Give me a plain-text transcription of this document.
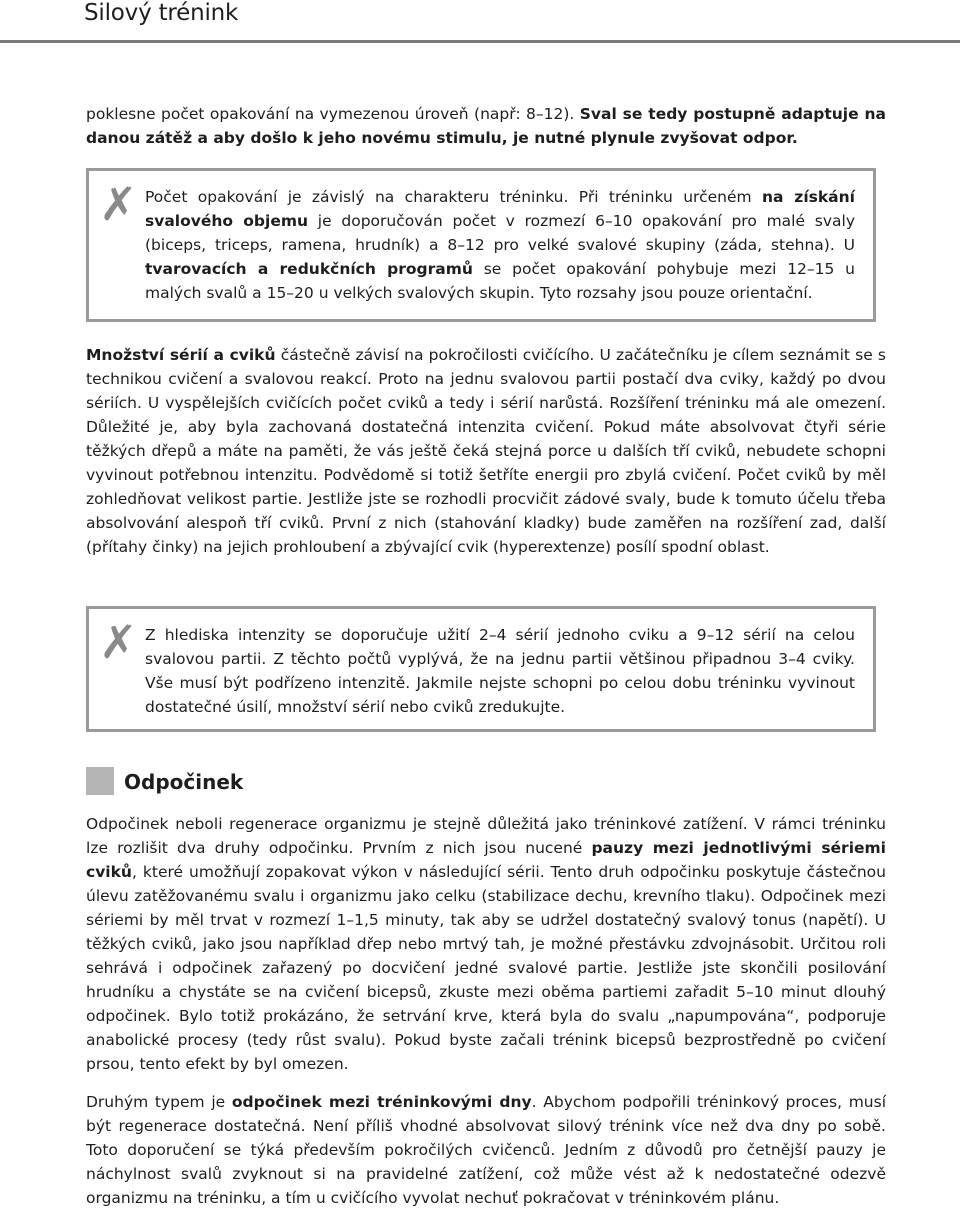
Silový trénink

poklesne počet opakování na vymezenou úroveň (např: 8–12). Sval se tedy postupně adaptuje na danou zátěž a aby došlo k jeho novému stimulu, je nutné plynule zvyšovat odpor.

✗ Počet opakování je závislý na charakteru tréninku. Při tréninku určeném na získání svalového objemu je doporučován počet v rozmezí 6–10 opakování pro malé svaly (biceps, triceps, ramena, hrudník) a 8–12 pro velké svalové skupiny (záda, stehna). U tvarovacích a redukčních programů se počet opakování pohybuje mezi 12–15 u malých svalů a 15–20 u velkých svalových skupin. Tyto rozsahy jsou pouze orientační.

Množství sérií a cviků částečně závisí na pokročilosti cvičícího. U začátečníku je cílem seznámit se s technikou cvičení a svalovou reakcí. Proto na jednu svalovou partii postačí dva cviky, každý po dvou sériích. U vyspělejších cvičících počet cviků a tedy i sérií narůstá. Rozšíření tréninku má ale omezení. Důležité je, aby byla zachovaná dostatečná intenzita cvičení. Pokud máte absolvovat čtyři série těžkých dřepů a máte na paměti, že vás ještě čeká stejná porce u dalších tří cviků, nebudete schopni vyvinout potřebnou intenzitu. Podvědomě si totiž šetříte energii pro zbylá cvičení. Počet cviků by měl zohledňovat velikost partie. Jestliže jste se rozhodli procvičit zádové svaly, bude k tomuto účelu třeba absolvování alespoň tří cviků. První z nich (stahování kladky) bude zaměřen na rozšíření zad, další (přítahy činky) na jejich prohloubení a zbývající cvik (hyperextenze) posílí spodní oblast.

✗ Z hlediska intenzity se doporučuje užití 2–4 sérií jednoho cviku a 9–12 sérií na celou svalovou partii. Z těchto počtů vyplývá, že na jednu partii většinou připadnou 3–4 cviky. Vše musí být podřízeno intenzitě. Jakmile nejste schopni po celou dobu tréninku vyvinout dostatečné úsilí, množství sérií nebo cviků zredukujte.

Odpočinek

Odpočinek neboli regenerace organizmu je stejně důležitá jako tréninkové zatížení. V rámci tréninku lze rozlišit dva druhy odpočinku. Prvním z nich jsou nucené pauzy mezi jednotlivými sériemi cviků, které umožňují zopakovat výkon v následující sérii. Tento druh odpočinku poskytuje částečnou úlevu zatěžovanému svalu i organizmu jako celku (stabilizace dechu, krevního tlaku). Odpočinek mezi sériemi by měl trvat v rozmezí 1–1,5 minuty, tak aby se udržel dostatečný svalový tonus (napětí). U těžkých cviků, jako jsou například dřep nebo mrtvý tah, je možné přestávku zdvojnásobit. Určitou roli sehrává i odpočinek zařazený po docvičení jedné svalové partie. Jestliže jste skončili posilování hrudníku a chystáte se na cvičení bicepsů, zkuste mezi oběma partiemi zařadit 5–10 minut dlouhý odpočinek. Bylo totiž prokázáno, že setrvání krve, která byla do svalu „napumpována“, podporuje anabolické procesy (tedy růst svalu). Pokud byste začali trénink bicepsů bezprostředně po cvičení prsou, tento efekt by byl omezen.

Druhým typem je odpočinek mezi tréninkovými dny. Abychom podpořili tréninkový proces, musí být regenerace dostatečná. Není příliš vhodné absolvovat silový trénink více než dva dny po sobě. Toto doporučení se týká především pokročilých cvičenců. Jedním z důvodů pro četnější pauzy je náchylnost svalů zvyknout si na pravidelné zatížení, což může vést až k nedostatečné odezvě organizmu na tréninku, a tím u cvičícího vyvolat nechuť pokračovat v tréninkovém plánu.
